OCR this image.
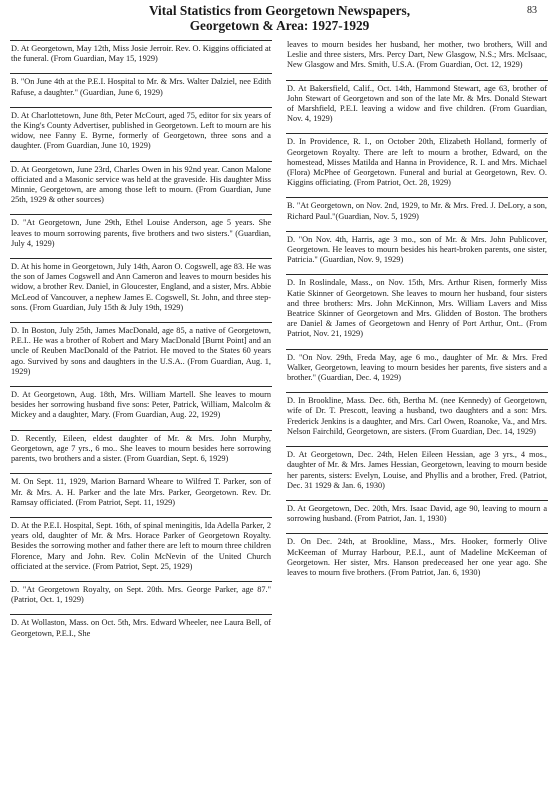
Vital Statistics from Georgetown Newspapers,
Georgetown & Area: 1927-1929
83
D. At Georgetown, May 12th, Miss Josie Jerroir. Rev. O. Kiggins officiated at the funeral. (From Guardian, May 15, 1929)
B. "On June 4th at the P.E.I. Hospital to Mr. & Mrs. Walter Dalziel, nee Edith Rafuse, a daughter." (Guardian, June 6, 1929)
D. At Charlottetown, June 8th, Peter McCourt, aged 75, editor for six years of the King's County Advertiser, published in Georgetown. Left to mourn are his widow, nee Fanny E. Byrne, formerly of Georgetown, three sons and a daughter. (From Guardian, June 10, 1929)
D. At Georgetown, June 23rd, Charles Owen in his 92nd year. Canon Malone officiated and a Masonic service was held at the graveside. His daughter Miss Minnie, Georgetown, are among those left to mourn. (From Guardian, June 25th, 1929 & other sources)
D. "At Georgetown, June 29th, Ethel Louise Anderson, age 5 years. She leaves to mourn sorrowing parents, five brothers and two sisters." (Guardian, July 4, 1929)
D. At his home in Georgetown, July 14th, Aaron O. Cogswell, age 83. He was the son of James Cogswell and Ann Cameron and leaves to mourn besides his widow, a brother Rev. Daniel, in Gloucester, England, and a sister, Mrs. Abbie McLeod of Vancouver, a nephew James E. Cogswell, St. John, and three step-sons. (From Guardian, July 15th & July 19th, 1929)
D. In Boston, July 25th, James MacDonald, age 85, a native of Georgetown, P.E.I.. He was a brother of Robert and Mary MacDonald [Burnt Point] and an uncle of Reuben MacDonald of the Patriot. He moved to the States 60 years ago. Survived by sons and daughters in the U.S.A.. (From Guardian, Aug. 1, 1929)
D. At Georgetown, Aug. 18th, Mrs. William Martell. She leaves to mourn besides her sorrowing husband five sons: Peter, Patrick, William, Malcolm & Mickey and a daughter, Mary. (From Guardian, Aug. 22, 1929)
D. Recently, Eileen, eldest daughter of Mr. & Mrs. John Murphy, Georgetown, age 7 yrs., 6 mo.. She leaves to mourn besides here sorrowing parents, two brothers and a sister. (From Guardian, Sept. 6, 1929)
M. On Sept. 11, 1929, Marion Barnard Wheare to Wilfred T. Parker, son of Mr. & Mrs. A. H. Parker and the late Mrs. Parker, Georgetown. Rev. Dr. Ramsay officiated. (From Patriot, Sept. 11, 1929)
D. At the P.E.I. Hospital, Sept. 16th, of spinal meningitis, Ida Adella Parker, 2 years old, daughter of Mr. & Mrs. Horace Parker of Georgetown Royalty. Besides the sorrowing mother and father there are left to mourn three children Florence, Mary and John. Rev. Colin McNevin of the United Church officiated at the service. (From Patriot, Sept. 25, 1929)
D. "At Georgetown Royalty, on Sept. 20th. Mrs. George Parker, age 87." (Patriot, Oct. 1, 1929)
D. At Wollaston, Mass. on Oct. 5th, Mrs. Edward Wheeler, nee Laura Bell, of Georgetown, P.E.I., She
leaves to mourn besides her husband, her mother, two brothers, Will and Leslie and three sisters, Mrs. Percy Dart, New Glasgow, N.S.; Mrs. McIsaac, New Glasgow and Mrs. Smith, U.S.A. (From Guardian, Oct. 12, 1929)
D. At Bakersfield, Calif., Oct. 14th, Hammond Stewart, age 63, brother of John Stewart of Georgetown and son of the late Mr. & Mrs. Donald Stewart of Marshfield, P.E.I. leaving a widow and five children. (From Guardian, Nov. 4, 1929)
D. In Providence, R. I., on October 20th, Elizabeth Holland, formerly of Georgetown Royalty. There are left to mourn a brother, Edward, on the homestead, Misses Matilda and Hanna in Providence, R. I. and Mrs. Michael (Flora) McPhee of Georgetown. Funeral and burial at Georgetown, Rev. O. Kiggins officiating. (From Patriot, Oct. 28, 1929)
B. "At Georgetown, on Nov. 2nd, 1929, to Mr. & Mrs. Fred. J. DeLory, a son, Richard Paul."(Guardian, Nov. 5, 1929)
D. "On Nov. 4th, Harris, age 3 mo., son of Mr. & Mrs. John Publicover, Georgetown. He leaves to mourn besides his heart-broken parents, one sister, Patricia." (Guardian, Nov. 9, 1929)
D. In Roslindale, Mass., on Nov. 15th, Mrs. Arthur Risen, formerly Miss Katie Skinner of Georgetown. She leaves to mourn her husband, four sisters and three brothers: Mrs. John McKinnon, Mrs. William Lavers and Miss Beatrice Skinner of Georgetown and Mrs. Glidden of Boston. The brothers are Daniel & James of Georgetown and Henry of Port Arthur, Ont.. (From Patriot, Nov. 21, 1929)
D. "On Nov. 29th, Freda May, age 6 mo., daughter of Mr. & Mrs. Fred Walker, Georgetown, leaving to mourn besides her parents, five sisters and a brother." (Guardian, Dec. 4, 1929)
D. In Brookline, Mass. Dec. 6th, Bertha M. (nee Kennedy) of Georgetown, wife of Dr. T. Prescott, leaving a husband, two daughters and a son: Mrs. Frederick Jenkins is a daughter, and Mrs. Carl Owen, Roanoke, Va., and Mrs. Nelson Fairchild, Georgetown, are sisters. (From Guardian, Dec. 14, 1929)
D. At Georgetown, Dec. 24th, Helen Eileen Hessian, age 3 yrs., 4 mos., daughter of Mr. & Mrs. James Hessian, Georgetown, leaving to mourn beside her parents, sisters: Evelyn, Louise, and Phyllis and a brother, Fred. (Patriot, Dec. 31 1929 & Jan. 6, 1930)
D. At Georgetown, Dec. 20th, Mrs. Isaac David, age 90, leaving to mourn a sorrowing husband. (From Patriot, Jan. 1, 1930)
D. On Dec. 24th, at Brookline, Mass., Mrs. Hooker, formerly Olive McKeeman of Murray Harbour, P.E.I., aunt of Madeline McKeeman of Georgetown. Her sister, Mrs. Hanson predeceased her one year ago. She leaves to mourn five brothers. (From Patriot, Jan. 6, 1930)
